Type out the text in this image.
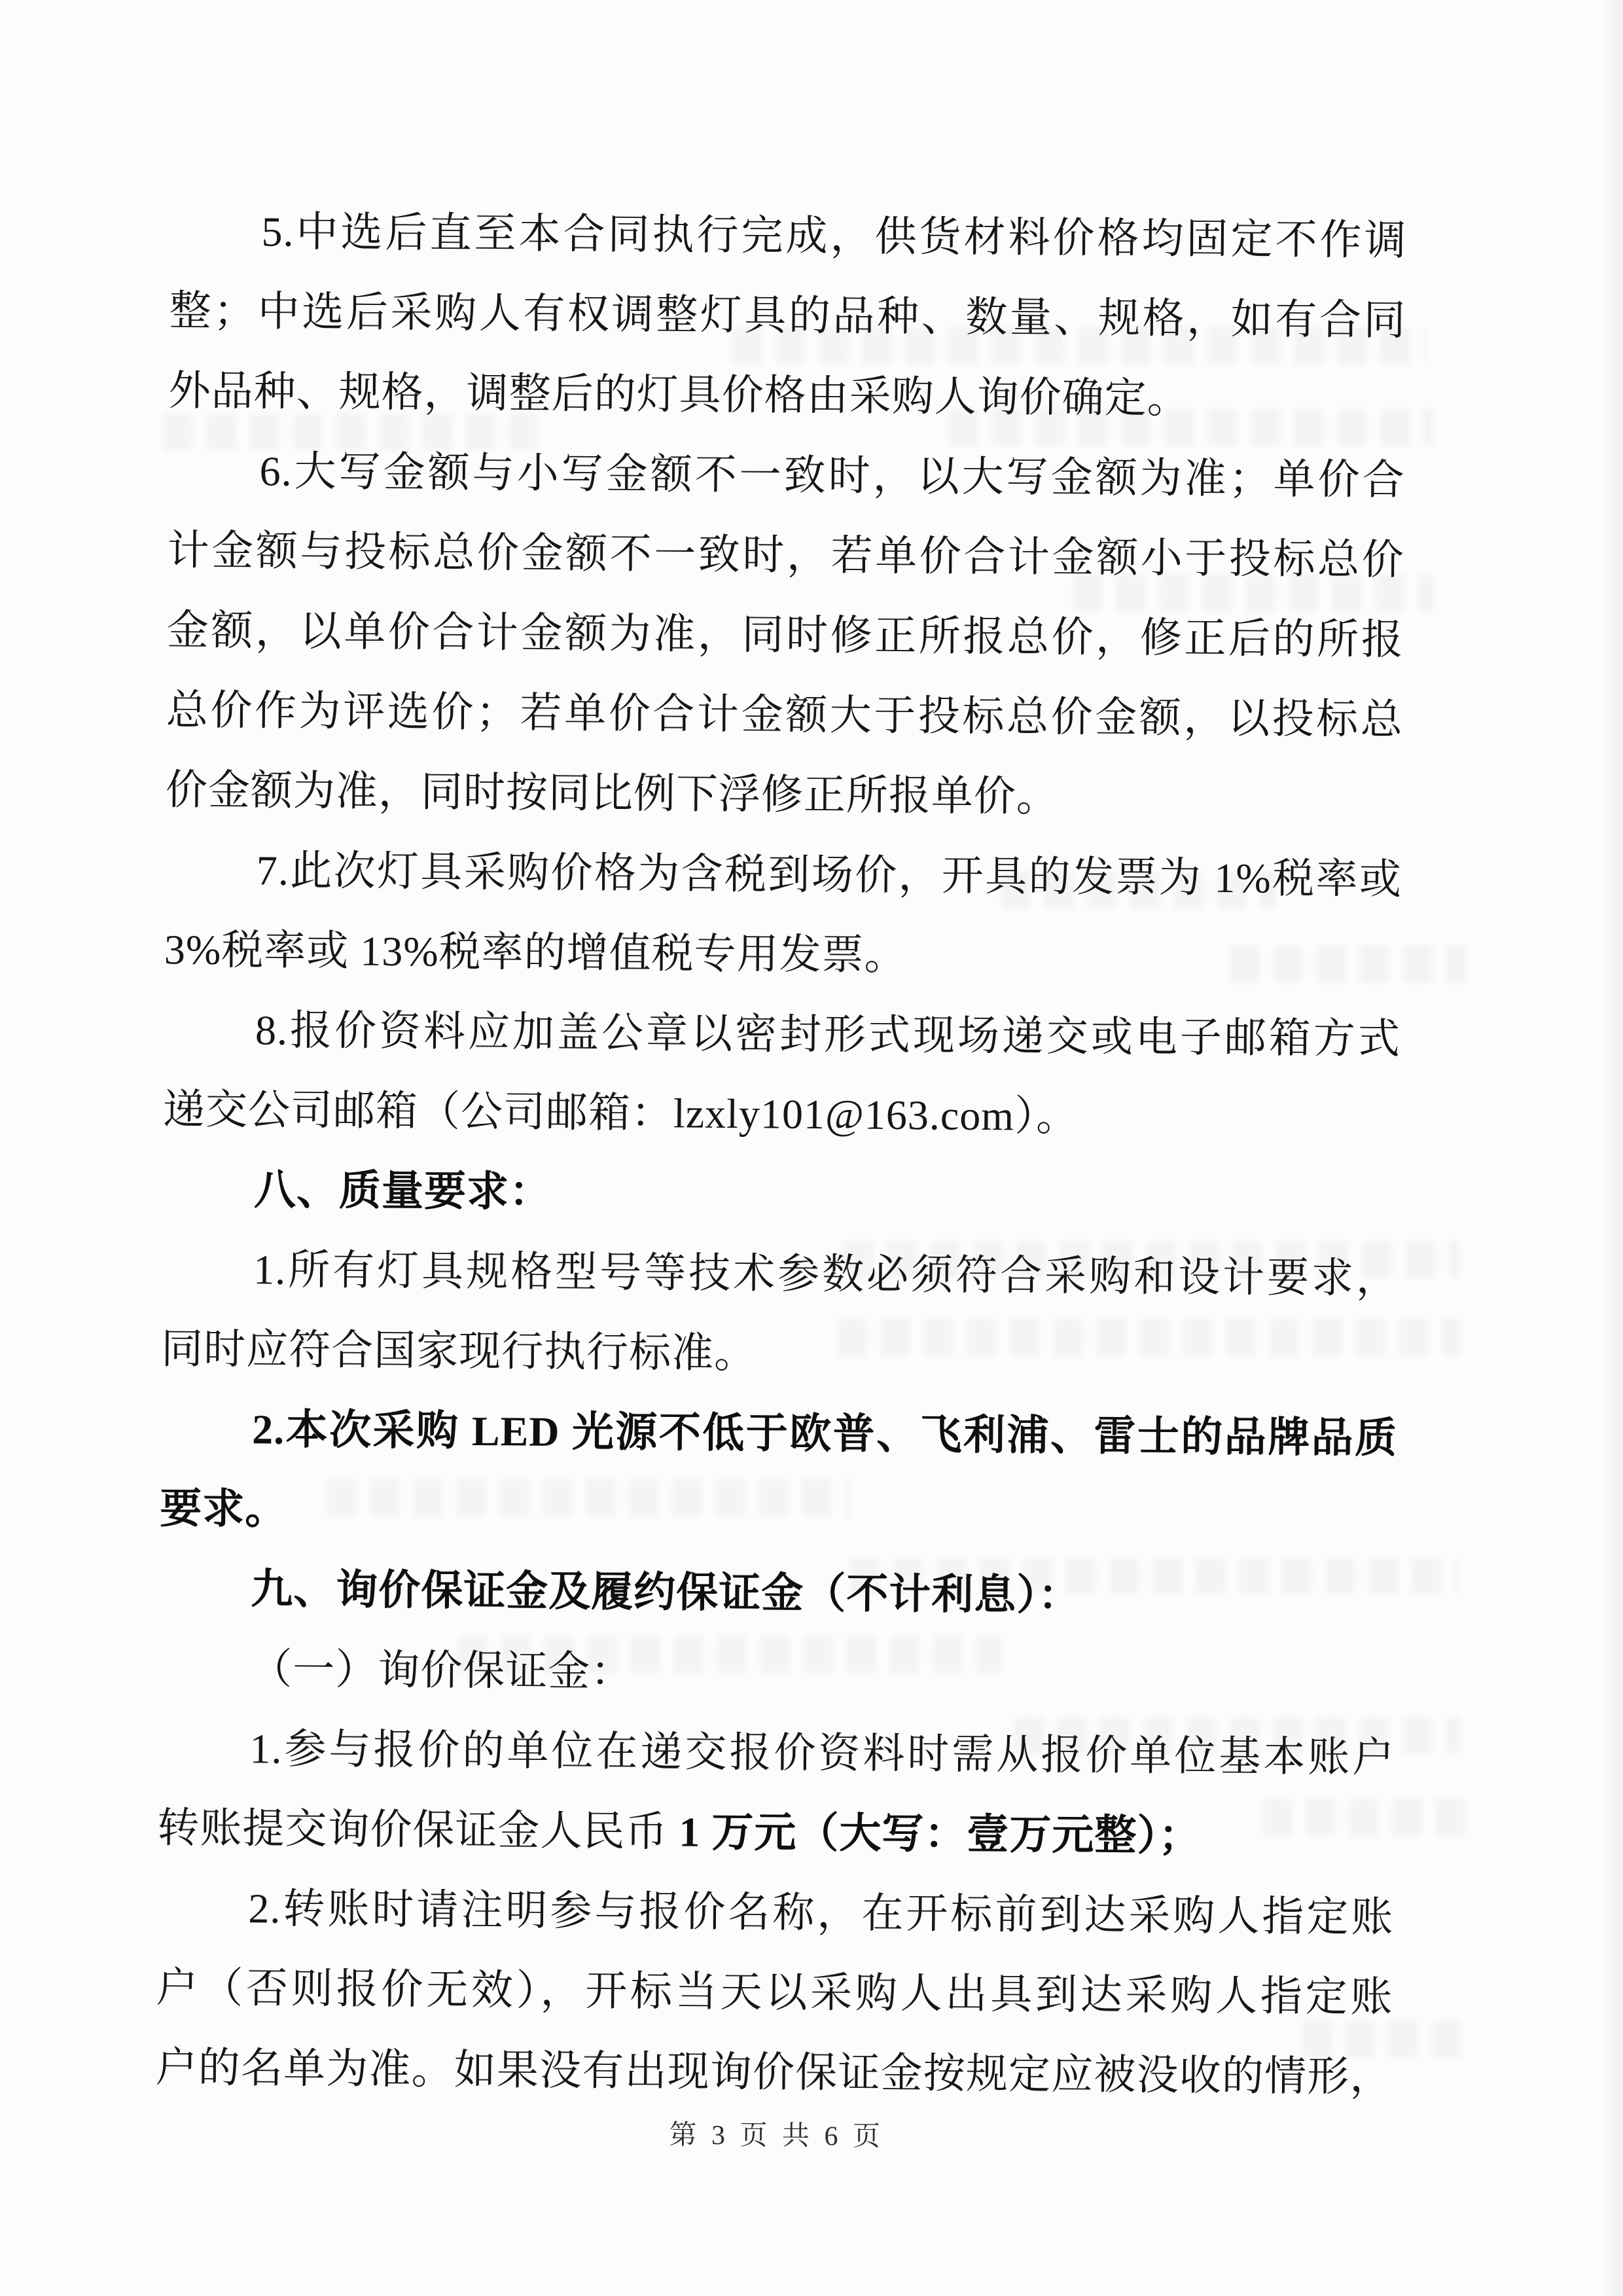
5.中选后直至本合同执行完成，供货材料价格均固定不作调
整；中选后采购人有权调整灯具的品种、数量、规格，如有合同
外品种、规格，调整后的灯具价格由采购人询价确定。
6.大写金额与小写金额不一致时，以大写金额为准；单价合
计金额与投标总价金额不一致时，若单价合计金额小于投标总价
金额，以单价合计金额为准，同时修正所报总价，修正后的所报
总价作为评选价；若单价合计金额大于投标总价金额，以投标总
价金额为准，同时按同比例下浮修正所报单价。
7.此次灯具采购价格为含税到场价，开具的发票为 1%税率或
3%税率或 13%税率的增值税专用发票。
8.报价资料应加盖公章以密封形式现场递交或电子邮箱方式
递交公司邮箱（公司邮箱：lzxly101@163.com）。
八、质量要求：
1.所有灯具规格型号等技术参数必须符合采购和设计要求，
同时应符合国家现行执行标准。
2.本次采购 LED 光源不低于欧普、飞利浦、雷士的品牌品质
要求。
九、询价保证金及履约保证金（不计利息）：
（一）询价保证金：
1.参与报价的单位在递交报价资料时需从报价单位基本账户
转账提交询价保证金人民币 1 万元（大写：壹万元整）；
2.转账时请注明参与报价名称，在开标前到达采购人指定账
户（否则报价无效），开标当天以采购人出具到达采购人指定账
户的名单为准。如果没有出现询价保证金按规定应被没收的情形，
第 3 页 共 6 页
